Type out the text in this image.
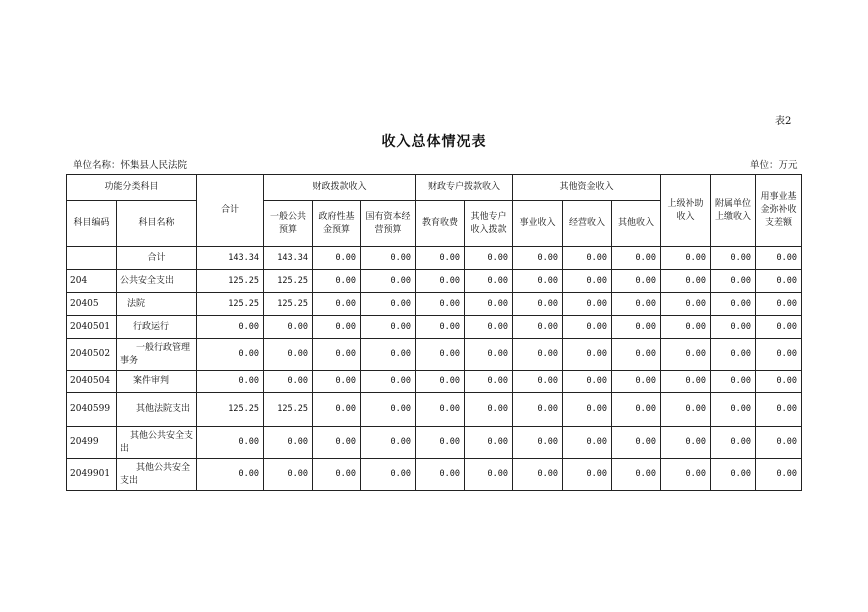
表2
收入总体情况表
单位名称：怀集县人民法院	单位：万元
功能分类科目		合计	财政拨款收入			财政专户拨款收入		其他资金收入			上级补助收入	附属单位上缴收入	用事业基金弥补收支差额
科目编码	科目名称		一般公共预算	政府性基金预算	国有资本经营预算	教育收费	其他专户收入拨款	事业收入	经营收入	其他收入			
	合计	143.34	143.34	0.00	0.00	0.00	0.00	0.00	0.00	0.00	0.00	0.00	0.00
204	公共安全支出	125.25	125.25	0.00	0.00	0.00	0.00	0.00	0.00	0.00	0.00	0.00	0.00
20405	法院	125.25	125.25	0.00	0.00	0.00	0.00	0.00	0.00	0.00	0.00	0.00	0.00
2040501	行政运行	0.00	0.00	0.00	0.00	0.00	0.00	0.00	0.00	0.00	0.00	0.00	0.00
2040502	一般行政管理事务	0.00	0.00	0.00	0.00	0.00	0.00	0.00	0.00	0.00	0.00	0.00	0.00
2040504	案件审判	0.00	0.00	0.00	0.00	0.00	0.00	0.00	0.00	0.00	0.00	0.00	0.00
2040599	其他法院支出	125.25	125.25	0.00	0.00	0.00	0.00	0.00	0.00	0.00	0.00	0.00	0.00
20499	其他公共安全支出	0.00	0.00	0.00	0.00	0.00	0.00	0.00	0.00	0.00	0.00	0.00	0.00
2049901	其他公共安全支出	0.00	0.00	0.00	0.00	0.00	0.00	0.00	0.00	0.00	0.00	0.00	0.00
